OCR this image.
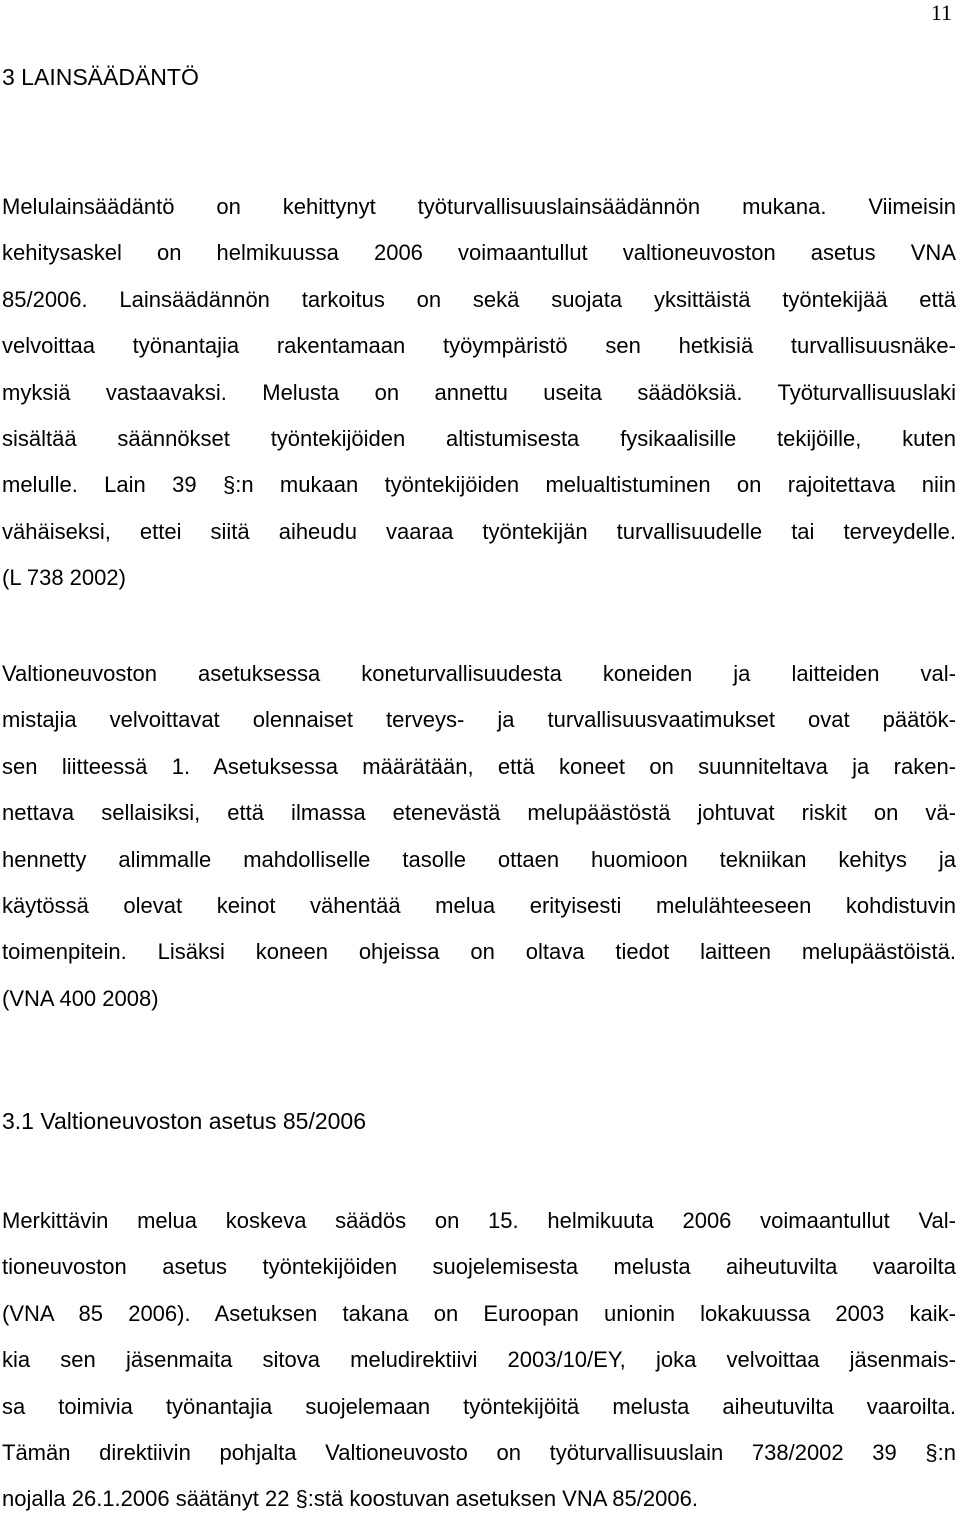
11
3 LAINSÄÄDÄNTÖ
Melulainsäädäntö on kehittynyt työturvallisuuslainsäädännön mukana. Viimeisin
kehitysaskel on helmikuussa 2006 voimaantullut valtioneuvoston asetus VNA
85/2006. Lainsäädännön tarkoitus on sekä suojata yksittäistä työntekijää että
velvoittaa työnantajia rakentamaan työympäristö sen hetkisiä turvallisuusnäke-
myksiä vastaavaksi. Melusta on annettu useita säädöksiä. Työturvallisuuslaki
sisältää säännökset työntekijöiden altistumisesta fysikaalisille tekijöille, kuten
melulle. Lain 39 §:n mukaan työntekijöiden melualtistuminen on rajoitettava niin
vähäiseksi, ettei siitä aiheudu vaaraa työntekijän turvallisuudelle tai terveydelle.
(L 738 2002)
Valtioneuvoston asetuksessa koneturvallisuudesta koneiden ja laitteiden val-
mistajia velvoittavat olennaiset terveys- ja turvallisuusvaatimukset ovat päätök-
sen liitteessä 1. Asetuksessa määrätään, että koneet on suunniteltava ja raken-
nettava sellaisiksi, että ilmassa etenevästä melupäästöstä johtuvat riskit on vä-
hennetty alimmalle mahdolliselle tasolle ottaen huomioon tekniikan kehitys ja
käytössä olevat keinot vähentää melua erityisesti melulähteeseen kohdistuvin
toimenpitein. Lisäksi koneen ohjeissa on oltava tiedot laitteen melupäästöistä.
(VNA 400 2008)
3.1 Valtioneuvoston asetus 85/2006
Merkittävin melua koskeva säädös on 15. helmikuuta 2006 voimaantullut Val-
tioneuvoston asetus työntekijöiden suojelemisesta melusta aiheutuvilta vaaroilta
(VNA 85 2006). Asetuksen takana on Euroopan unionin lokakuussa 2003 kaik-
kia sen jäsenmaita sitova meludirektiivi 2003/10/EY, joka velvoittaa jäsenmais-
sa toimivia työnantajia suojelemaan työntekijöitä melusta aiheutuvilta vaaroilta.
Tämän direktiivin pohjalta Valtioneuvosto on työturvallisuuslain 738/2002 39 §:n
nojalla 26.1.2006 säätänyt 22 §:stä koostuvan asetuksen VNA 85/2006.
